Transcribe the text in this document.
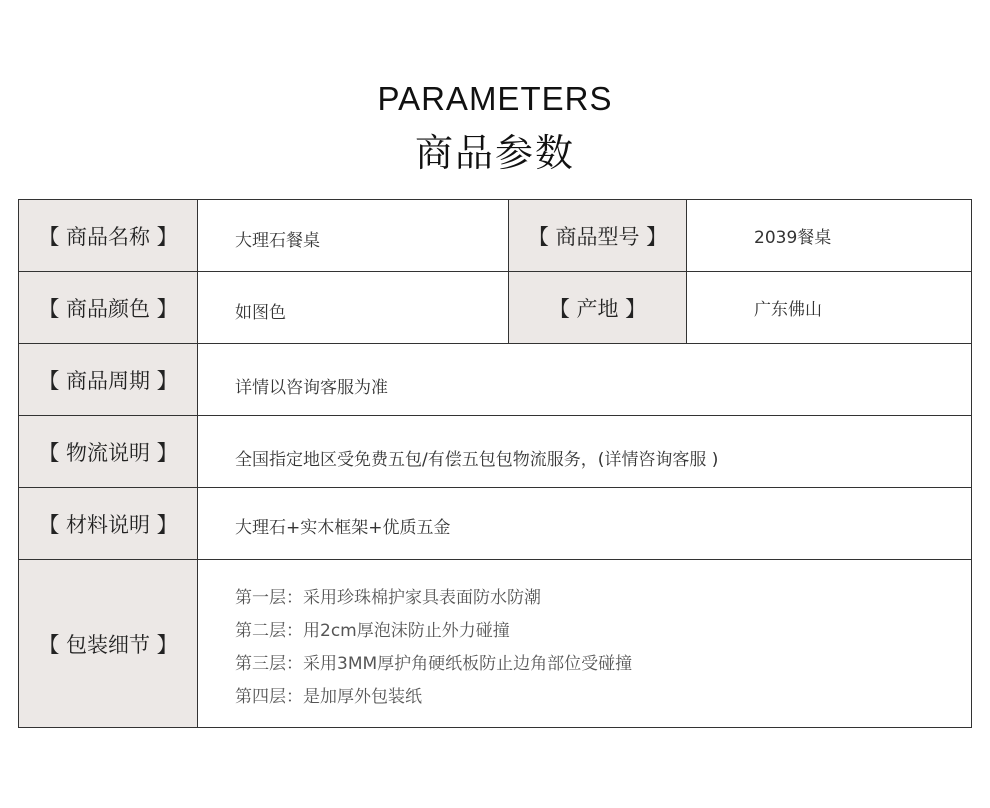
PARAMETERS
商品参数
【 商品名称 】	大理石餐桌	【 商品型号 】	2039餐桌
【 商品颜色 】	如图色	【 产地 】	广东佛山
【 商品周期 】	详情以咨询客服为准
【 物流说明 】	全国指定地区受免费五包/有偿五包包物流服务，(详情咨询客服 )
【 材料说明 】	大理石+实木框架+优质五金
【 包装细节 】
第一层：采用珍珠棉护家具表面防水防潮
第二层：用2cm厚泡沫防止外力碰撞
第三层：采用3MM厚护角硬纸板防止边角部位受碰撞
第四层：是加厚外包装纸
